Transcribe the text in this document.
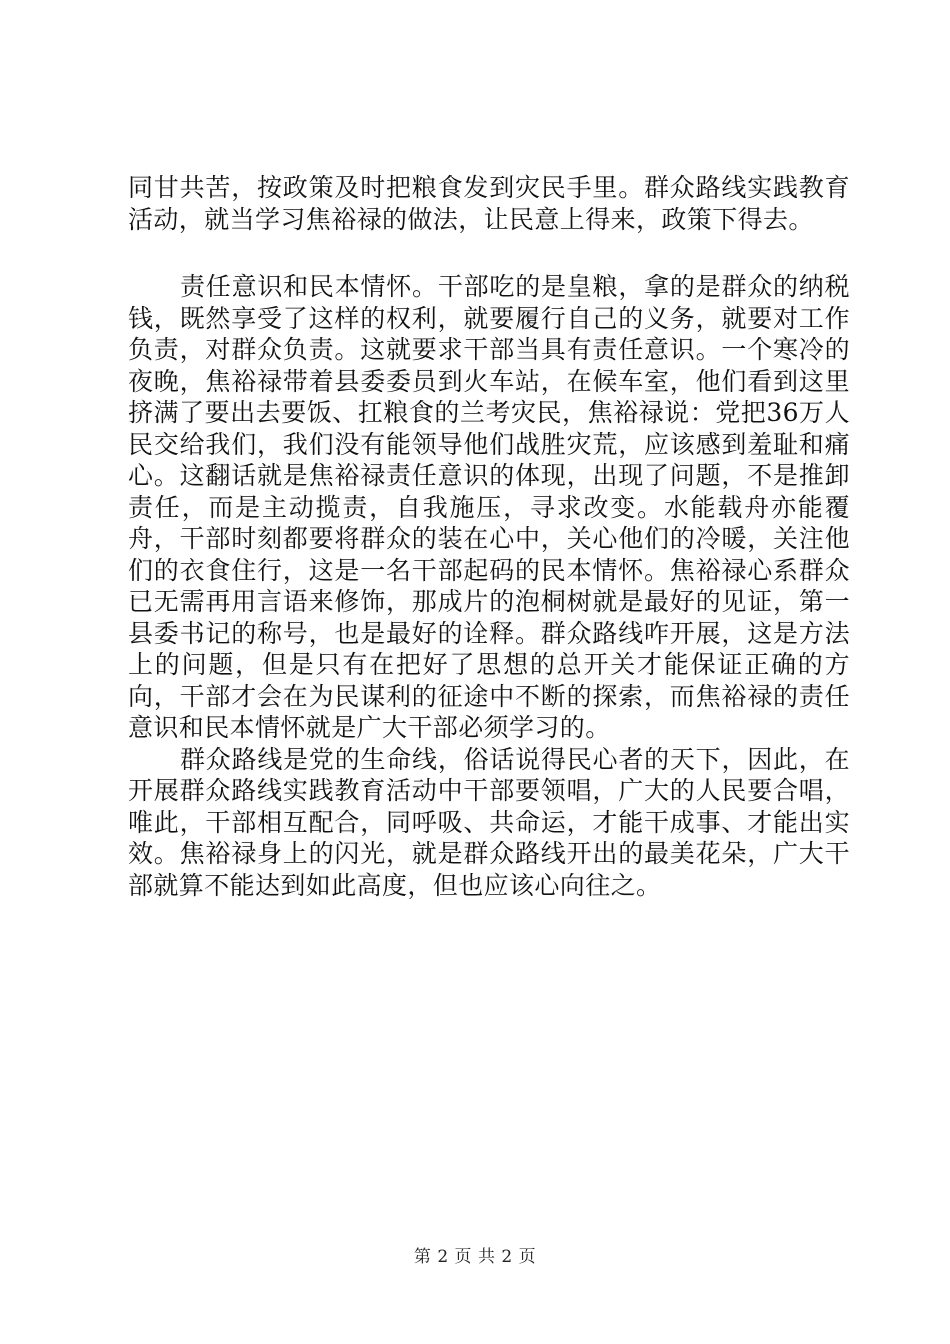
同甘共苦，按政策及时把粮食发到灾民手里。群众路线实践教育活动，就当学习焦裕禄的做法，让民意上得来，政策下得去。

责任意识和民本情怀。干部吃的是皇粮，拿的是群众的纳税钱，既然享受了这样的权利，就要履行自己的义务，就要对工作负责，对群众负责。这就要求干部当具有责任意识。一个寒冷的夜晚，焦裕禄带着县委委员到火车站，在候车室，他们看到这里挤满了要出去要饭、扛粮食的兰考灾民，焦裕禄说：党把36万人民交给我们，我们没有能领导他们战胜灾荒，应该感到羞耻和痛心。这翻话就是焦裕禄责任意识的体现，出现了问题，不是推卸责任，而是主动揽责，自我施压，寻求改变。水能载舟亦能覆舟，干部时刻都要将群众的装在心中，关心他们的冷暖，关注他们的衣食住行，这是一名干部起码的民本情怀。焦裕禄心系群众已无需再用言语来修饰，那成片的泡桐树就是最好的见证，第一县委书记的称号，也是最好的诠释。群众路线咋开展，这是方法上的问题，但是只有在把好了思想的总开关才能保证正确的方向，干部才会在为民谋利的征途中不断的探索，而焦裕禄的责任意识和民本情怀就是广大干部必须学习的。

群众路线是党的生命线，俗话说得民心者的天下，因此，在开展群众路线实践教育活动中干部要领唱，广大的人民要合唱，唯此，干部相互配合，同呼吸、共命运，才能干成事、才能出实效。焦裕禄身上的闪光，就是群众路线开出的最美花朵，广大干部就算不能达到如此高度，但也应该心向往之。

第 2 页 共 2 页
